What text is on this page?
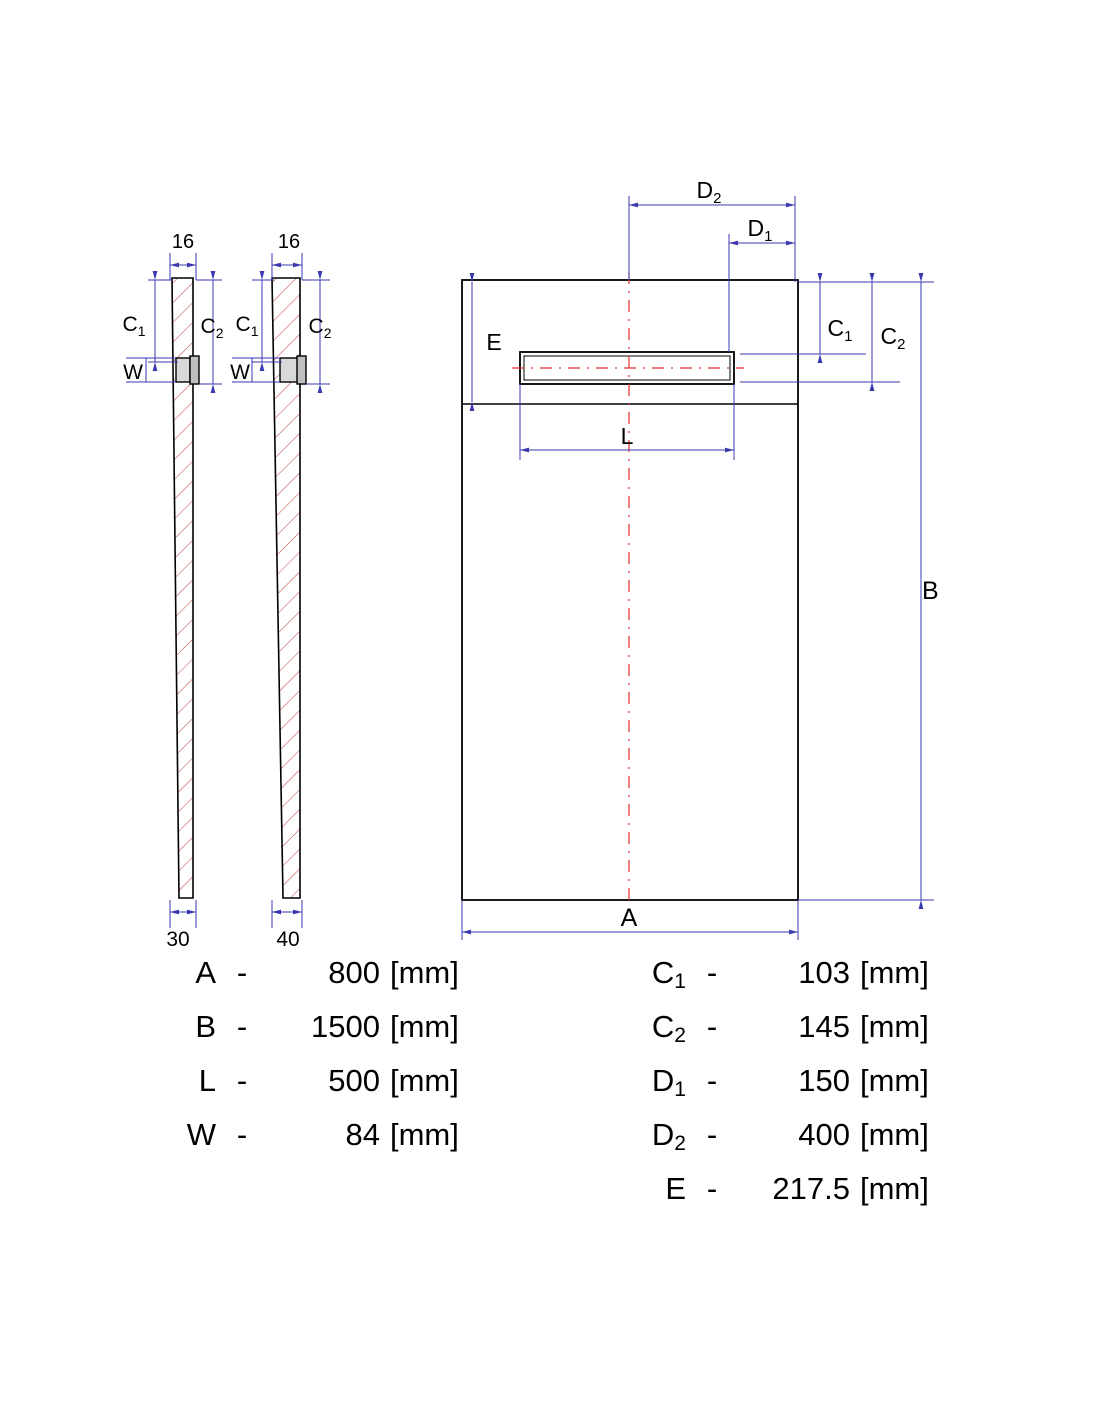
16
$C_1$	$C_2$
W
30
16
$C_1$ $C_2$
W
40
$D_2$
$D_1$
E
L
$C_1$ $C_2$
B
A
A -	800 [mm]
B -	1500 [mm]
L -	500 [mm]
W -	84 [mm]
$C_1$ -	103 [mm]
$C_2$ -	145 [mm]
$D_1$ -	150 [mm]
$D_2$ -	400 [mm]
E -	217.5 [mm]
